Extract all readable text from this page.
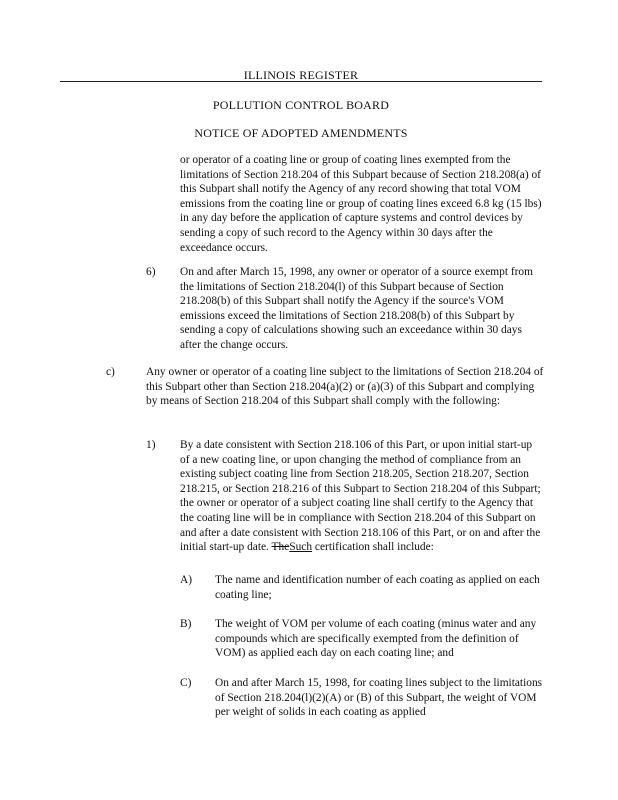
ILLINOIS REGISTER
POLLUTION CONTROL BOARD
NOTICE OF ADOPTED AMENDMENTS
or operator of a coating line or group of coating lines exempted from the limitations of Section 218.204 of this Subpart because of Section 218.208(a) of this Subpart shall notify the Agency of any record showing that total VOM emissions from the coating line or group of coating lines exceed 6.8 kg (15 lbs) in any day before the application of capture systems and control devices by sending a copy of such record to the Agency within 30 days after the exceedance occurs.
6) On and after March 15, 1998, any owner or operator of a source exempt from the limitations of Section 218.204(l) of this Subpart because of Section 218.208(b) of this Subpart shall notify the Agency if the source's VOM emissions exceed the limitations of Section 218.208(b) of this Subpart by sending a copy of calculations showing such an exceedance within 30 days after the change occurs.
c)	Any owner or operator of a coating line subject to the limitations of Section 218.204 of this Subpart other than Section 218.204(a)(2) or (a)(3) of this Subpart and complying by means of Section 218.204 of this Subpart shall comply with the following:
1) By a date consistent with Section 218.106 of this Part, or upon initial start-up of a new coating line, or upon changing the method of compliance from an existing subject coating line from Section 218.205, Section 218.207, Section 218.215, or Section 218.216 of this Subpart to Section 218.204 of this Subpart; the owner or operator of a subject coating line shall certify to the Agency that the coating line will be in compliance with Section 218.204 of this Subpart on and after a date consistent with Section 218.106 of this Part, or on and after the initial start-up date. TheSuch certification shall include:
A) The name and identification number of each coating as applied on each coating line;
B) The weight of VOM per volume of each coating (minus water and any compounds which are specifically exempted from the definition of VOM) as applied each day on each coating line; and
C) On and after March 15, 1998, for coating lines subject to the limitations of Section 218.204(l)(2)(A) or (B) of this Subpart, the weight of VOM per weight of solids in each coating as applied
